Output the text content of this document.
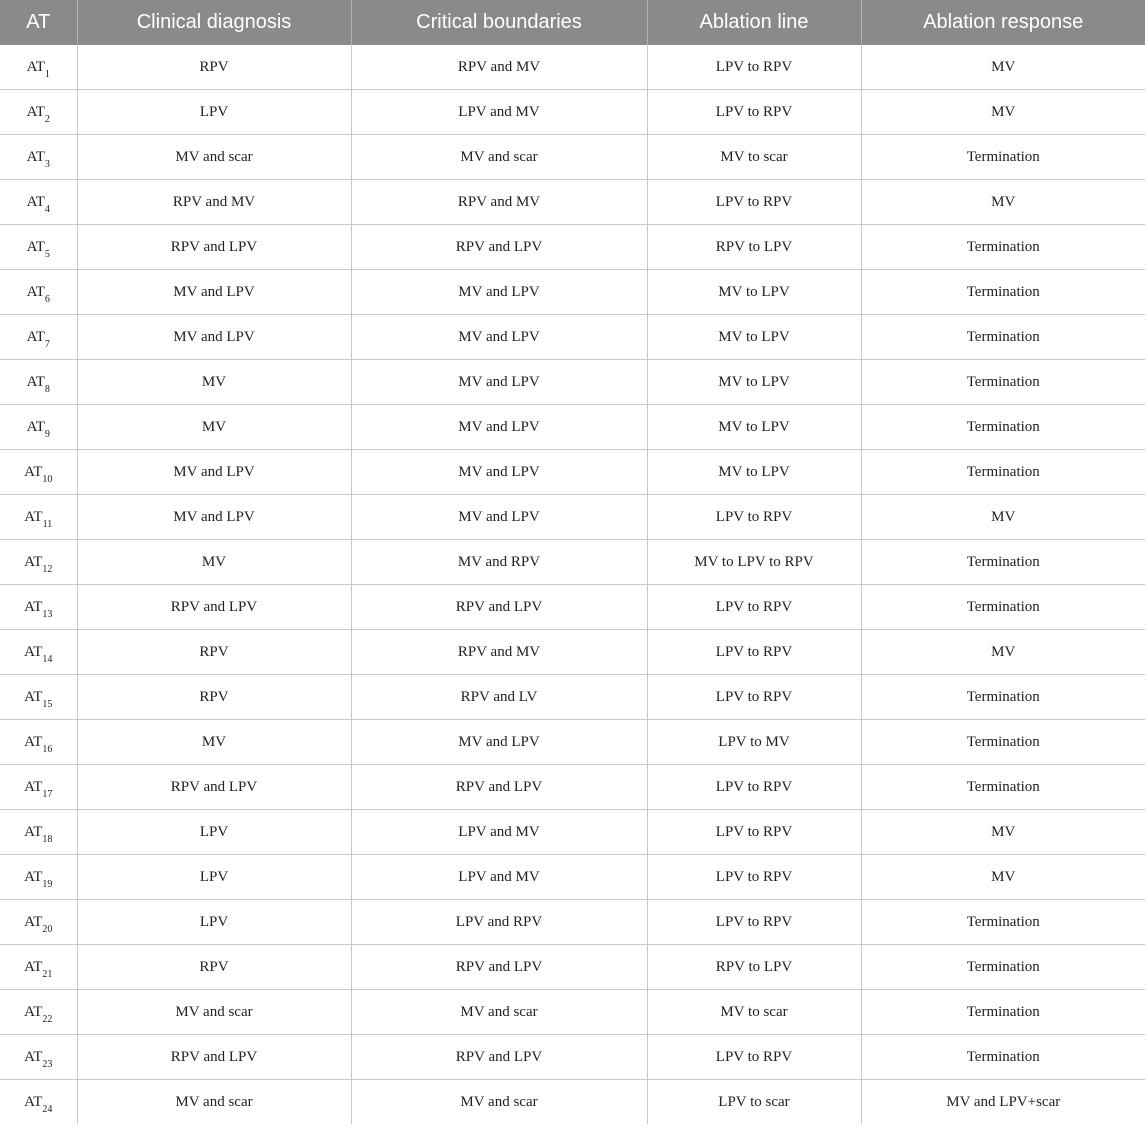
AT	Clinical diagnosis	Critical boundaries	Ablation line	Ablation response
$AT_1$	RPV	RPV and MV	LPV to RPV	MV
$AT_2$	LPV	LPV and MV	LPV to RPV	MV
$AT_3$	MV and scar	MV and scar	MV to scar	Termination
$AT_4$	RPV and MV	RPV and MV	LPV to RPV	MV
$AT_5$	RPV and LPV	RPV and LPV	RPV to LPV	Termination
$AT_6$	MV and LPV	MV and LPV	MV to LPV	Termination
$AT_7$	MV and LPV	MV and LPV	MV to LPV	Termination
$AT_8$	MV	MV and LPV	MV to LPV	Termination
$AT_9$	MV	MV and LPV	MV to LPV	Termination
$AT_{10}$	MV and LPV	MV and LPV	MV to LPV	Termination
$AT_{11}$	MV and LPV	MV and LPV	LPV to RPV	MV
$AT_{12}$	MV	MV and RPV	MV to LPV to RPV	Termination
$AT_{13}$	RPV and LPV	RPV and LPV	LPV to RPV	Termination
$AT_{14}$	RPV	RPV and MV	LPV to RPV	MV
$AT_{15}$	RPV	RPV and LV	LPV to RPV	Termination
$AT_{16}$	MV	MV and LPV	LPV to MV	Termination
$AT_{17}$	RPV and LPV	RPV and LPV	LPV to RPV	Termination
$AT_{18}$	LPV	LPV and MV	LPV to RPV	MV
$AT_{19}$	LPV	LPV and MV	LPV to RPV	MV
$AT_{20}$	LPV	LPV and RPV	LPV to RPV	Termination
$AT_{21}$	RPV	RPV and LPV	RPV to LPV	Termination
$AT_{22}$	MV and scar	MV and scar	MV to scar	Termination
$AT_{23}$	RPV and LPV	RPV and LPV	LPV to RPV	Termination
$AT_{24}$	MV and scar	MV and scar	LPV to scar	MV and LPV+scar
